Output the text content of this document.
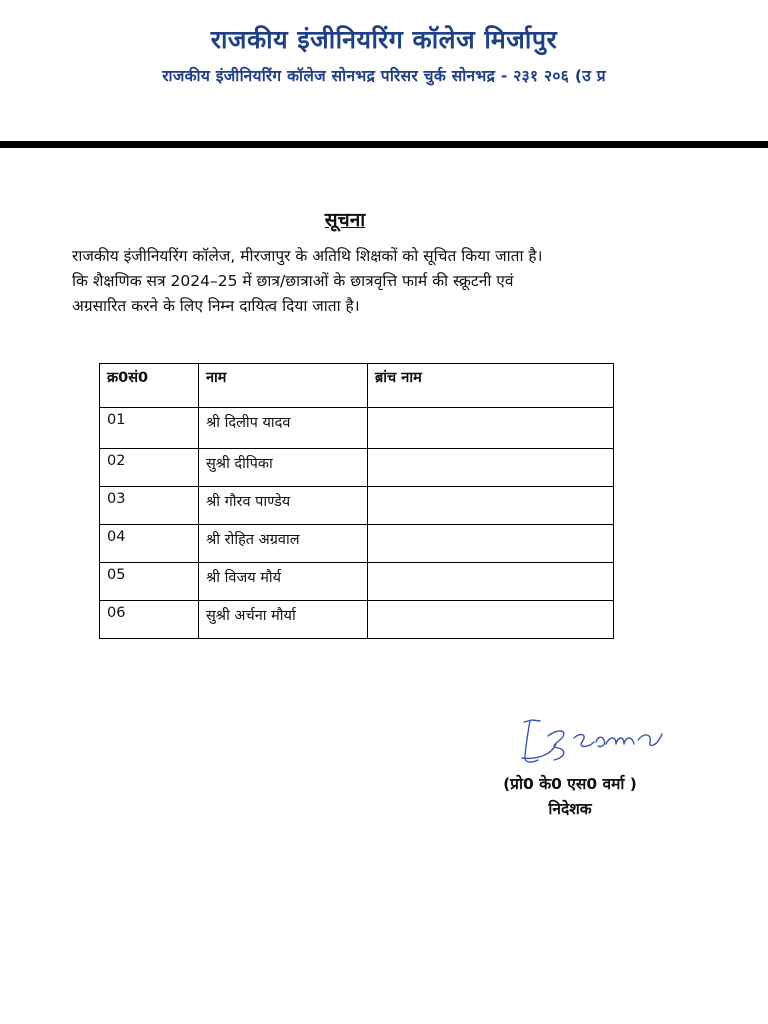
राजकीय इंजीनियरिंग कॉलेज मिर्जापुर
राजकीय इंजीनियरिंग कॉलेज सोनभद्र परिसर चुर्क सोनभद्र - २३१ २०६ (उ प्र
सूचना
राजकीय इंजीनियरिंग कॉलेज, मीरजापुर के अतिथि शिक्षकों को सूचित किया जाता है।
कि शैक्षणिक सत्र 2024–25 में छात्र/छात्राओं के छात्रवृत्ति फार्म की स्क्रूटनी एवं
अग्रसारित करने के लिए निम्न दायित्व दिया जाता है।
क्र0सं0	नाम	ब्रांच नाम
01	श्री दिलीप यादव	
02	सुश्री दीपिका	
03	श्री गौरव पाण्डेय	
04	श्री रोहित अग्रवाल	
05	श्री विजय मौर्य	
06	सुश्री अर्चना मौर्या	
(प्रो0 के0 एस0 वर्मा )
निदेशक
